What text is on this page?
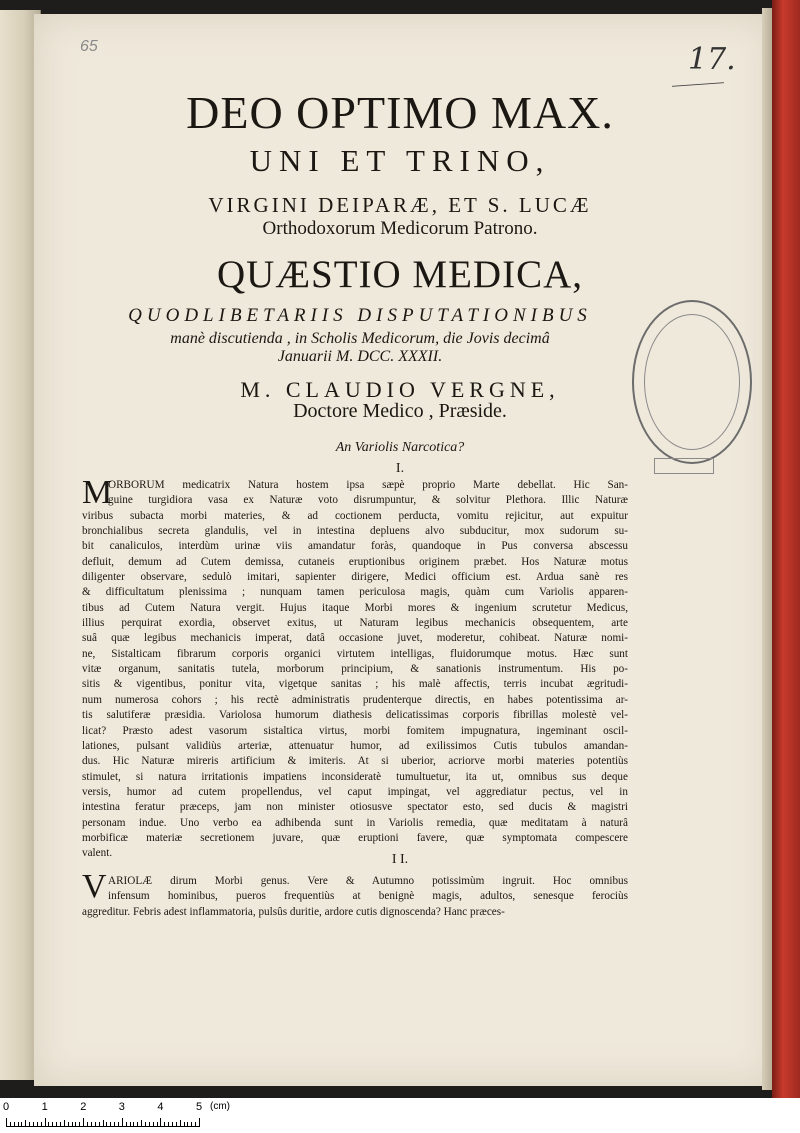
65	17.
DEO OPTIMO MAX.
UNI ET TRINO,
VIRGINI DEIPARÆ, ET S. LUCÆ
Orthodoxorum Medicorum Patrono.
QUÆSTIO MEDICA,
QUODLIBETARIIS DISPUTATIONIBUS
manè discutienda , in Scholis Medicorum, die Jovis decimâ
Januarii M. DCC. XXXII.
M. CLAUDIO VERGNE,
Doctore Medico , Præside.
An Variolis Narcotica?
I.
M
ORBORUM medicatrix Natura hostem ipsa sæpè proprio Marte debellat. Hic San-
guine turgidiora vasa ex Naturæ voto disrumpuntur, & solvitur Plethora. Illic Naturæ
viribus subacta morbi materies, & ad coctionem perducta, vomitu rejicitur, aut expuitur
bronchialibus secreta glandulis, vel in intestina depluens alvo subducitur, mox sudorum su-
bit canaliculos, interdùm urinæ viis amandatur foràs, quandoque in Pus conversa abscessu
defluit, demum ad Cutem demissa, cutaneis eruptionibus originem præbet. Hos Naturæ motus
diligenter observare, sedulò imitari, sapienter dirigere, Medici officium est. Ardua sanè res
& difficultatum plenissima ; nunquam tamen periculosa magis, quàm cum Variolis apparen-
tibus ad Cutem Natura vergit. Hujus itaque Morbi mores & ingenium scrutetur Medicus,
illius perquirat exordia, observet exitus, ut Naturam legibus mechanicis obsequentem, arte
suâ quæ legibus mechanicis imperat, datâ occasione juvet, moderetur, cohibeat. Naturæ nomi-
ne, Sistalticam fibrarum corporis organici virtutem intelligas, fluidorumque motus. Hæc sunt
vitæ organum, sanitatis tutela, morborum principium, & sanationis instrumentum. His po-
sitis & vigentibus, ponitur vita, vigetque sanitas ; his malè affectis, terris incubat ægritudi-
num numerosa cohors ; his rectè administratis prudenterque directis, en habes potentissima ar-
tis salutiferæ præsidia. Variolosa humorum diathesis delicatissimas corporis fibrillas molestè vel-
licat? Præsto adest vasorum sistaltica virtus, morbi fomitem impugnatura, ingeminant oscil-
lationes, pulsant validiùs arteriæ, attenuatur humor, ad exilissimos Cutis tubulos amandan-
dus. Hic Naturæ mireris artificium & imiteris. At si uberior, acriorve morbi materies potentiùs
stimulet, si natura irritationis impatiens inconsideratè tumultuetur, ita ut, omnibus sus deque
versis, humor ad cutem propellendus, vel caput impingat, vel aggrediatur pectus, vel in
intestina feratur præceps, jam non minister otiosusve spectator esto, sed ducis & magistri
personam indue. Uno verbo ea adhibenda sunt in Variolis remedia, quæ meditatam à naturâ
morbificæ materiæ secretionem juvare, quæ eruptioni favere, quæ symptomata compescere
valent.	I I.
V ARIOLÆ dirum Morbi genus. Vere & Autumno potissimùm ingruit. Hoc omnibus
infensum hominibus, pueros frequentiùs at benignè magis, adultos, senesque ferociùs
aggreditur. Febris adest inflammatoria, pulsûs duritie, ardore cutis dignoscenda? Hanc præces-
(cm)
0	1	2	3	4	5
